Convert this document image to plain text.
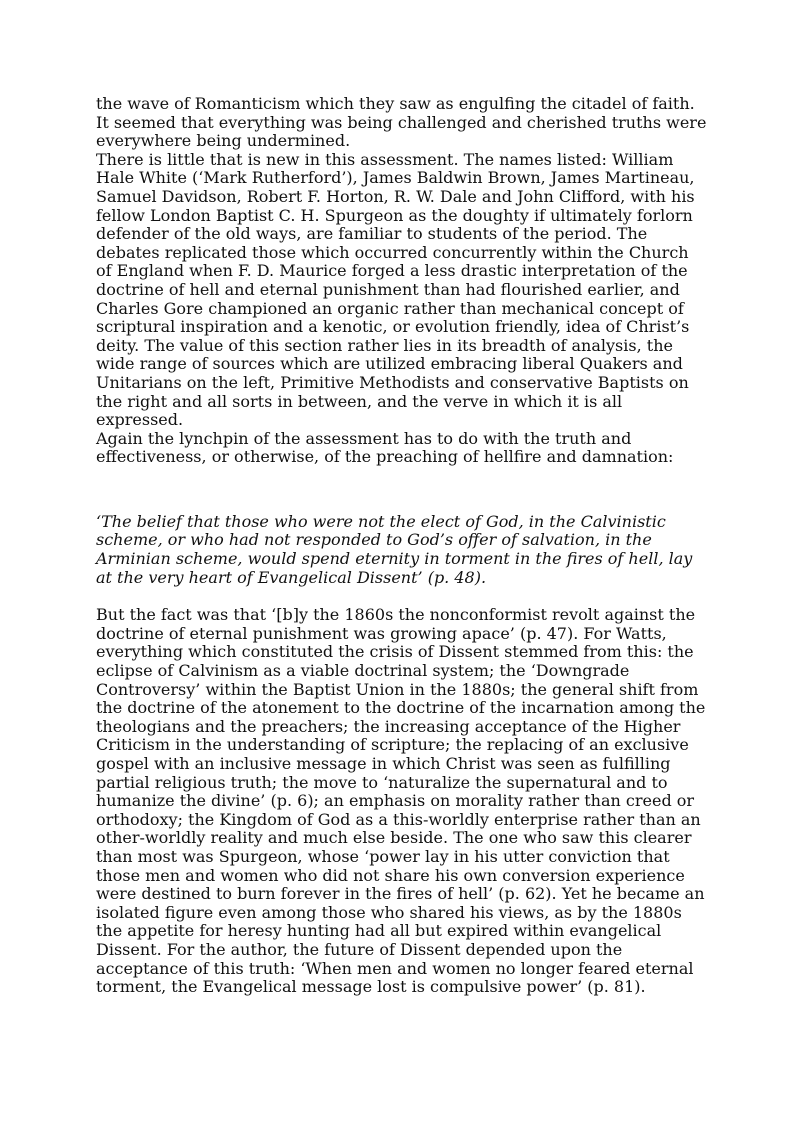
the wave of Romanticism which they saw as engulfing the citadel of faith. It seemed that everything was being challenged and cherished truths were everywhere being undermined.

There is little that is new in this assessment. The names listed: William Hale White (‘Mark Rutherford’), James Baldwin Brown, James Martineau, Samuel Davidson, Robert F. Horton, R. W. Dale and John Clifford, with his fellow London Baptist C. H. Spurgeon as the doughty if ultimately forlorn defender of the old ways, are familiar to students of the period. The debates replicated those which occurred concurrently within the Church of England when F. D. Maurice forged a less drastic interpretation of the doctrine of hell and eternal punishment than had flourished earlier, and Charles Gore championed an organic rather than mechanical concept of scriptural inspiration and a kenotic, or evolution friendly, idea of Christ’s deity. The value of this section rather lies in its breadth of analysis, the wide range of sources which are utilized embracing liberal Quakers and Unitarians on the left, Primitive Methodists and conservative Baptists on the right and all sorts in between, and the verve in which it is all expressed.

Again the lynchpin of the assessment has to do with the truth and effectiveness, or otherwise, of the preaching of hellfire and damnation:

‘The belief that those who were not the elect of God, in the Calvinistic scheme, or who had not responded to God’s offer of salvation, in the Arminian scheme, would spend eternity in torment in the fires of hell, lay at the very heart of Evangelical Dissent’ (p. 48).

But the fact was that ‘[b]y the 1860s the nonconformist revolt against the doctrine of eternal punishment was growing apace’ (p. 47). For Watts, everything which constituted the crisis of Dissent stemmed from this: the eclipse of Calvinism as a viable doctrinal system; the ‘Downgrade Controversy’ within the Baptist Union in the 1880s; the general shift from the doctrine of the atonement to the doctrine of the incarnation among the theologians and the preachers; the increasing acceptance of the Higher Criticism in the understanding of scripture; the replacing of an exclusive gospel with an inclusive message in which Christ was seen as fulfilling partial religious truth; the move to ‘naturalize the supernatural and to humanize the divine’ (p. 6); an emphasis on morality rather than creed or orthodoxy; the Kingdom of God as a this-worldly enterprise rather than an other-worldly reality and much else beside. The one who saw this clearer than most was Spurgeon, whose ‘power lay in his utter conviction that those men and women who did not share his own conversion experience were destined to burn forever in the fires of hell’ (p. 62). Yet he became an isolated figure even among those who shared his views, as by the 1880s the appetite for heresy hunting had all but expired within evangelical Dissent. For the author, the future of Dissent depended upon the acceptance of this truth: ‘When men and women no longer feared eternal torment, the Evangelical message lost is compulsive power’ (p. 81).
